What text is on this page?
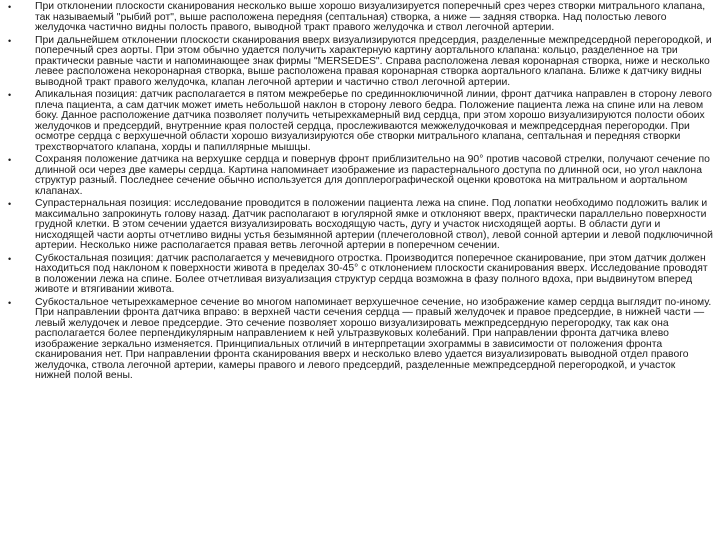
•	При отклонении плоскости сканирования несколько выше хорошо визуализируется поперечный срез через створки митрального клапана, так называемый "рыбий рот", выше расположена передняя (септальная) створка, а ниже — задняя створка. Над полостью левого желудочка частично видны полость правого, выводной тракт правого желудочка и ствол легочной артерии.
•	При дальнейшем отклонении плоскости сканирования вверх визуализируются предсердия, разделенные межпредсердной перегородкой, и поперечный срез аорты. При этом обычно удается получить характерную картину аортального клапана: кольцо, разделенное на три практически равные части и напоминающее знак фирмы "MERSEDES". Справа расположена левая коронарная створка, ниже и несколько левее расположена некоронарная створка, выше расположена правая коронарная створка аортального клапана. Ближе к датчику видны выводной тракт правого желудочка, клапан легочной артерии и частично ствол легочной артерии.
•	Апикальная позиция: датчик располагается в пятом межреберье по срединноключичной линии, фронт датчика направлен в сторону левого плеча пациента, а сам датчик может иметь небольшой наклон в сторону левого бедра. Положение пациента лежа на спине или на левом боку. Данное расположение датчика позволяет получить четырехкамерный вид сердца, при этом хорошо визуализируются полости обоих желудочков и предсердий, внутренние края полостей сердца, прослеживаются межжелудочковая и межпредсердная перегородки. При осмотре сердца с верхушечной области хорошо визуализируются обе створки митрального клапана, септальная и передняя створки трехстворчатого клапана, хорды и папиллярные мышцы.
•	Сохраняя положение датчика на верхушке сердца и повернув фронт приблизительно на 90° против часовой стрелки, получают сечение по длинной оси через две камеры сердца. Картина напоминает изображение из парастернального доступа по длинной оси, но угол наклона структур разный. Последнее сечение обычно используется для допплерографической оценки кровотока на митральном и аортальном клапанах.
•	Супрастернальная позиция: исследование проводится в положении пациента лежа на спине. Под лопатки необходимо подложить валик и максимально запрокинуть голову назад. Датчик располагают в югулярной ямке и отклоняют вверх, практически параллельно поверхности грудной клетки. В этом сечении удается визуализировать восходящую часть, дугу и участок нисходящей аорты. В области дуги и нисходящей части аорты отчетливо видны устья безымянной артерии (плечеголовной ствол), левой сонной артерии и левой подключичной артерии. Несколько ниже располагается правая ветвь легочной артерии в поперечном сечении.
•	Субкостальная позиция: датчик располагается у мечевидного отростка. Производится поперечное сканирование, при этом датчик должен находиться под наклоном к поверхности живота в пределах 30-45° с отклонением плоскости сканирования вверх. Исследование проводят в положении лежа на спине. Более отчетливая визуализация структур сердца возможна в фазу полного вдоха, при выдвинутом вперед животе и втягивании живота.
•	Субкостальное четырехкамерное сечение во многом напоминает верхушечное сечение, но изображение камер сердца выглядит по-иному. При направлении фронта датчика вправо: в верхней части сечения сердца — правый желудочек и правое предсердие, в нижней части — левый желудочек и левое предсердие. Это сечение позволяет хорошо визуализировать межпредсердную перегородку, так как она располагается более перпендикулярным направлением к ней ультразвуковых колебаний. При направлении фронта датчика влево изображение зеркально изменяется. Принципиальных отличий в интерпретации эхограммы в зависимости от положения фронта сканирования нет. При направлении фронта сканирования вверх и несколько влево удается визуализировать выводной отдел правого желудочка, ствола легочной артерии, камеры правого и левого предсердий, разделенные межпредсердной перегородкой, и участок нижней полой вены.
